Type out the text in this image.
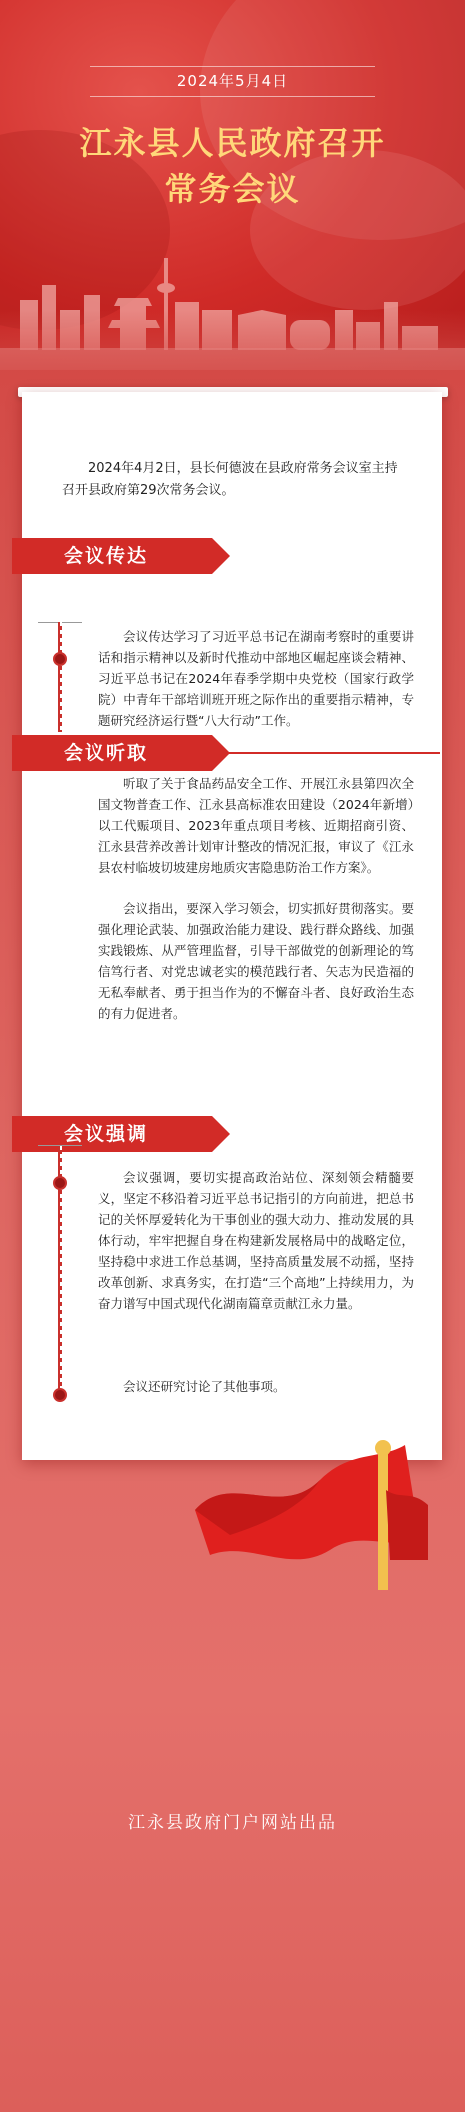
2024年5月4日
江永县人民政府召开
常务会议
2024年4月2日，县长何德波在县政府常务会议室主持召开县政府第29次常务会议。
会议传达
会议传达学习了习近平总书记在湖南考察时的重要讲话和指示精神以及新时代推动中部地区崛起座谈会精神、习近平总书记在2024年春季学期中央党校（国家行政学院）中青年干部培训班开班之际作出的重要指示精神，专题研究经济运行暨“八大行动”工作。
会议听取
听取了关于食品药品安全工作、开展江永县第四次全国文物普查工作、江永县高标准农田建设（2024年新增）以工代赈项目、2023年重点项目考核、近期招商引资、江永县营养改善计划审计整改的情况汇报，审议了《江永县农村临坡切坡建房地质灾害隐患防治工作方案》。
会议指出，要深入学习领会，切实抓好贯彻落实。要强化理论武装、加强政治能力建设、践行群众路线、加强实践锻炼、从严管理监督，引导干部做党的创新理论的笃信笃行者、对党忠诚老实的模范践行者、矢志为民造福的无私奉献者、勇于担当作为的不懈奋斗者、良好政治生态的有力促进者。
会议强调
会议强调，要切实提高政治站位、深刻领会精髓要义，坚定不移沿着习近平总书记指引的方向前进，把总书记的关怀厚爱转化为干事创业的强大动力、推动发展的具体行动，牢牢把握自身在构建新发展格局中的战略定位，坚持稳中求进工作总基调，坚持高质量发展不动摇，坚持改革创新、求真务实，在打造“三个高地”上持续用力，为奋力谱写中国式现代化湖南篇章贡献江永力量。
会议还研究讨论了其他事项。
江永县政府门户网站出品
